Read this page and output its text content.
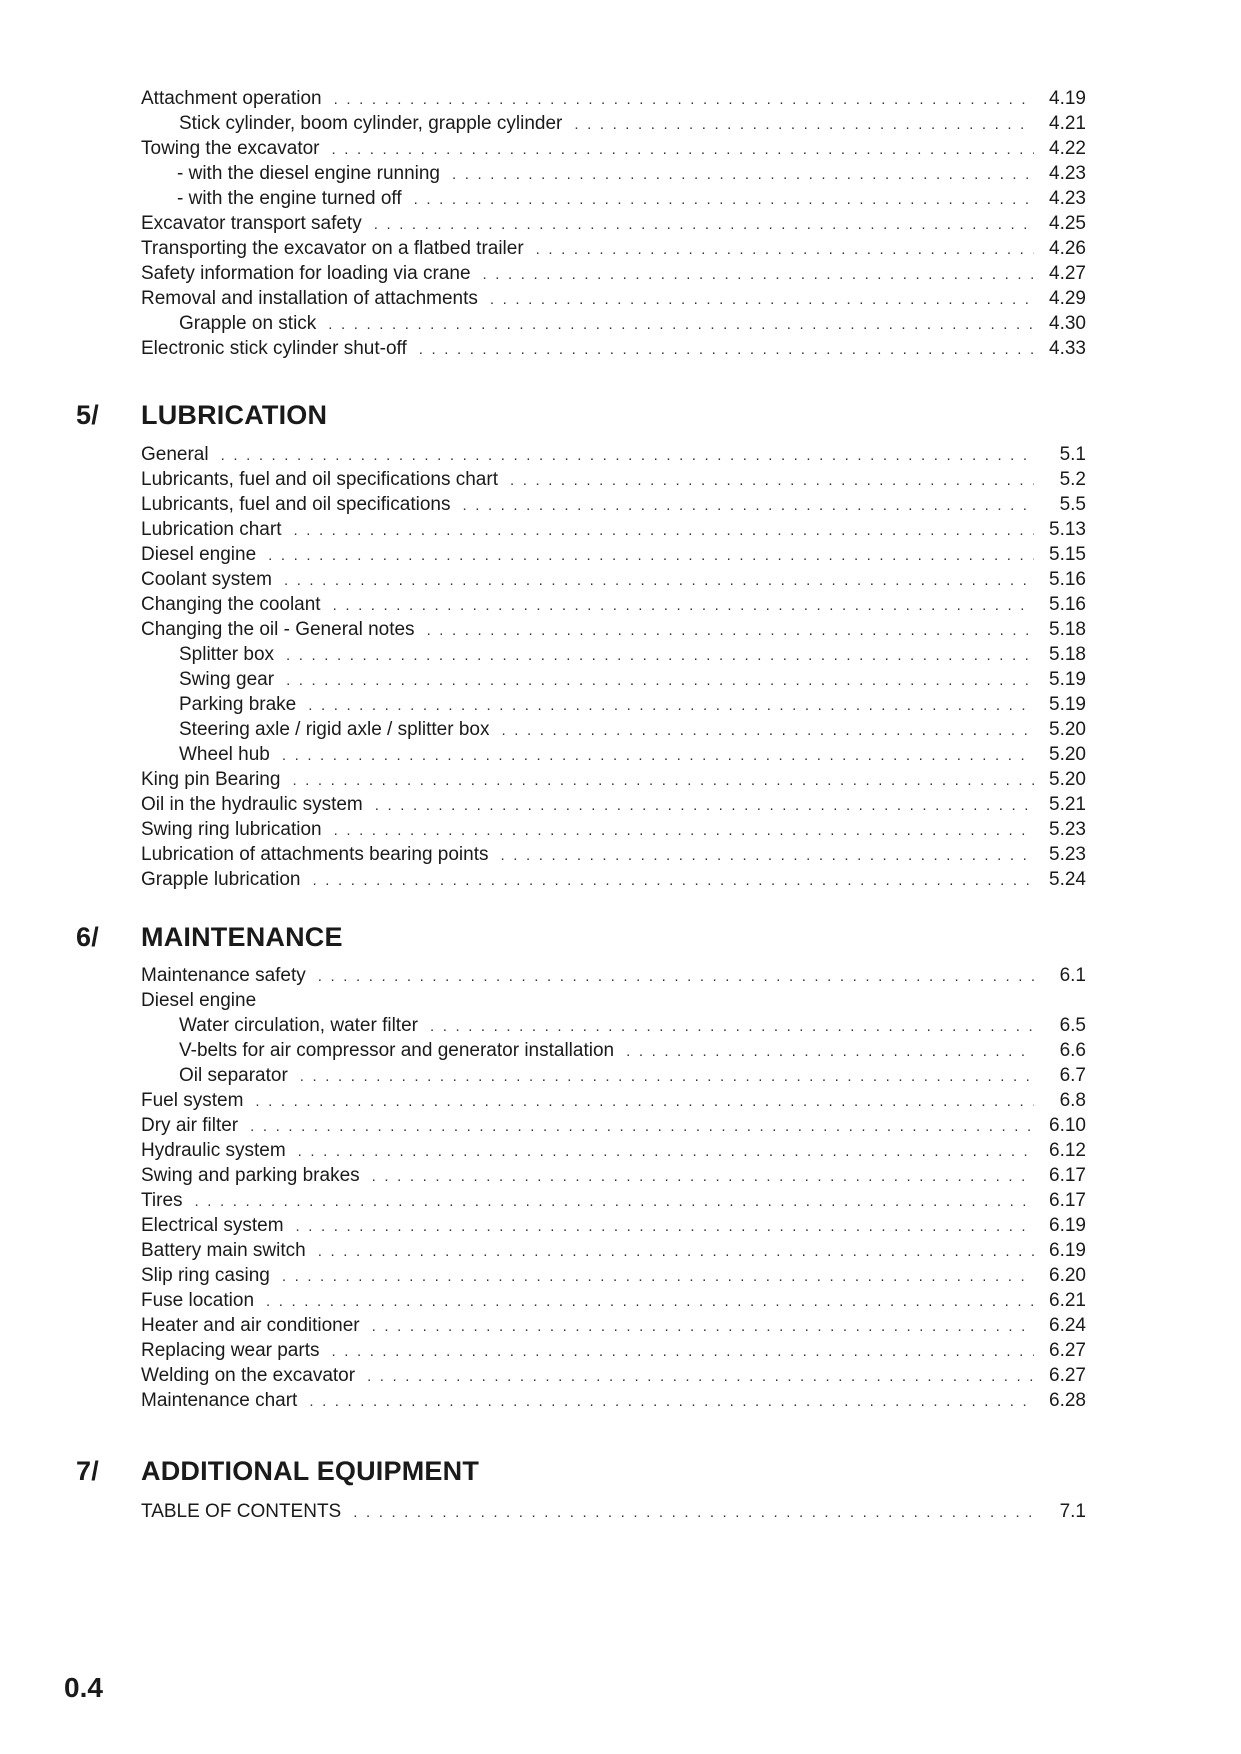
Attachment operation . . .	4.19
Stick cylinder, boom cylinder, grapple cylinder . . .	4.21
Towing the excavator . . .	4.22
- with the diesel engine running . . .	4.23
- with the engine turned off . . .	4.23
Excavator transport safety . . .	4.25
Transporting the excavator on a flatbed trailer . . .	4.26
Safety information for loading via crane . . .	4.27
Removal and installation of attachments . . .	4.29
Grapple on stick . . .	4.30
Electronic stick cylinder shut-off . . .	4.33
5/	LUBRICATION
General . . .	5.1
Lubricants, fuel and oil specifications chart . . .	5.2
Lubricants, fuel and oil specifications . . .	5.5
Lubrication chart . . .	5.13
Diesel engine . . .	5.15
Coolant system . . .	5.16
Changing the coolant . . .	5.16
Changing the oil - General notes . . .	5.18
Splitter box . . .	5.18
Swing gear . . .	5.19
Parking brake . . .	5.19
Steering axle / rigid axle / splitter box . . .	5.20
Wheel hub . . .	5.20
King pin Bearing . . .	5.20
Oil in the hydraulic system . . .	5.21
Swing ring lubrication . . .	5.23
Lubrication of attachments bearing points . . .	5.23
Grapple lubrication . . .	5.24
6/	MAINTENANCE
Maintenance safety . . .	6.1
Diesel engine
Water circulation, water filter . . .	6.5
V-belts for air compressor and generator installation . . .	6.6
Oil separator . . .	6.7
Fuel system . . .	6.8
Dry air filter . . .	6.10
Hydraulic system . . .	6.12
Swing and parking brakes . . .	6.17
Tires . . .	6.17
Electrical system . . .	6.19
Battery main switch . . .	6.19
Slip ring casing . . .	6.20
Fuse location . . .	6.21
Heater and air conditioner . . .	6.24
Replacing wear parts . . .	6.27
Welding on the excavator . . .	6.27
Maintenance chart . . .	6.28
7/	ADDITIONAL EQUIPMENT
TABLE OF CONTENTS . . .	7.1
0.4
